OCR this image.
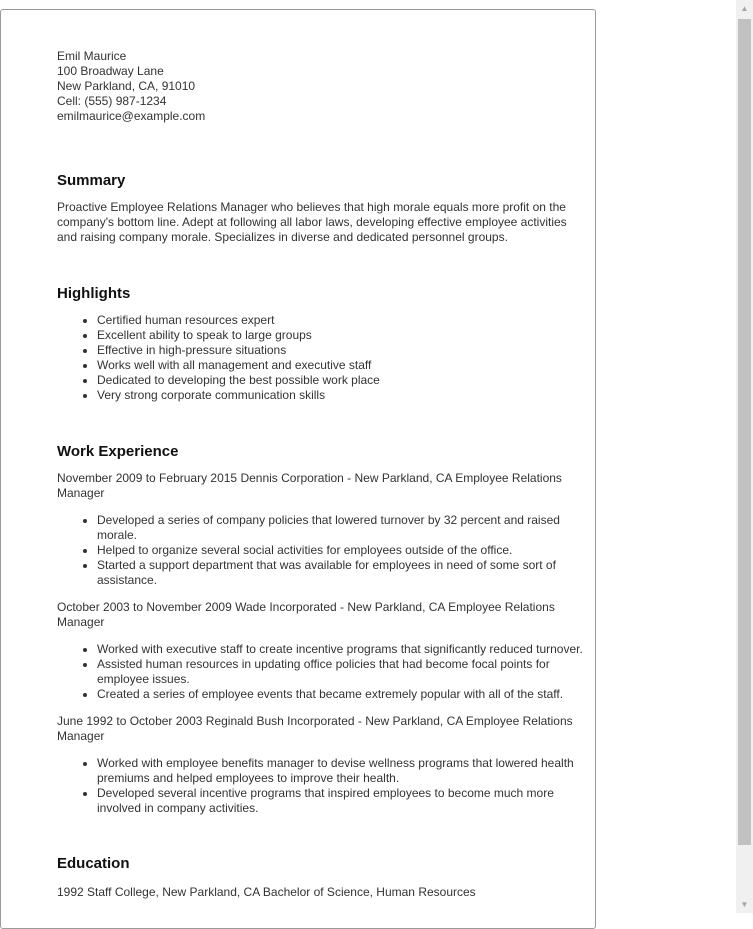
Emil Maurice
100 Broadway Lane
New Parkland, CA, 91010
Cell: (555) 987-1234
emilmaurice@example.com
Summary

Proactive Employee Relations Manager who believes that high morale equals more profit on the company's bottom line. Adept at following all labor laws, developing effective employee activities and raising company morale. Specializes in diverse and dedicated personnel groups.

Highlights
• Certified human resources expert
• Excellent ability to speak to large groups
• Effective in high-pressure situations
• Works well with all management and executive staff
• Dedicated to developing the best possible work place
• Very strong corporate communication skills
Work Experience
November 2009 to February 2015 Dennis Corporation - New Parkland, CA Employee Relations Manager
• Developed a series of company policies that lowered turnover by 32 percent and raised morale.
• Helped to organize several social activities for employees outside of the office.
• Started a support department that was available for employees in need of some sort of assistance.
October 2003 to November 2009 Wade Incorporated - New Parkland, CA Employee Relations Manager
• Worked with executive staff to create incentive programs that significantly reduced turnover.
• Assisted human resources in updating office policies that had become focal points for employee issues.
• Created a series of employee events that became extremely popular with all of the staff.
June 1992 to October 2003 Reginald Bush Incorporated - New Parkland, CA Employee Relations Manager
• Worked with employee benefits manager to devise wellness programs that lowered health premiums and helped employees to improve their health.
• Developed several incentive programs that inspired employees to become much more involved in company activities.
Education
1992 Staff College, New Parkland, CA Bachelor of Science, Human Resources
▲
▼
